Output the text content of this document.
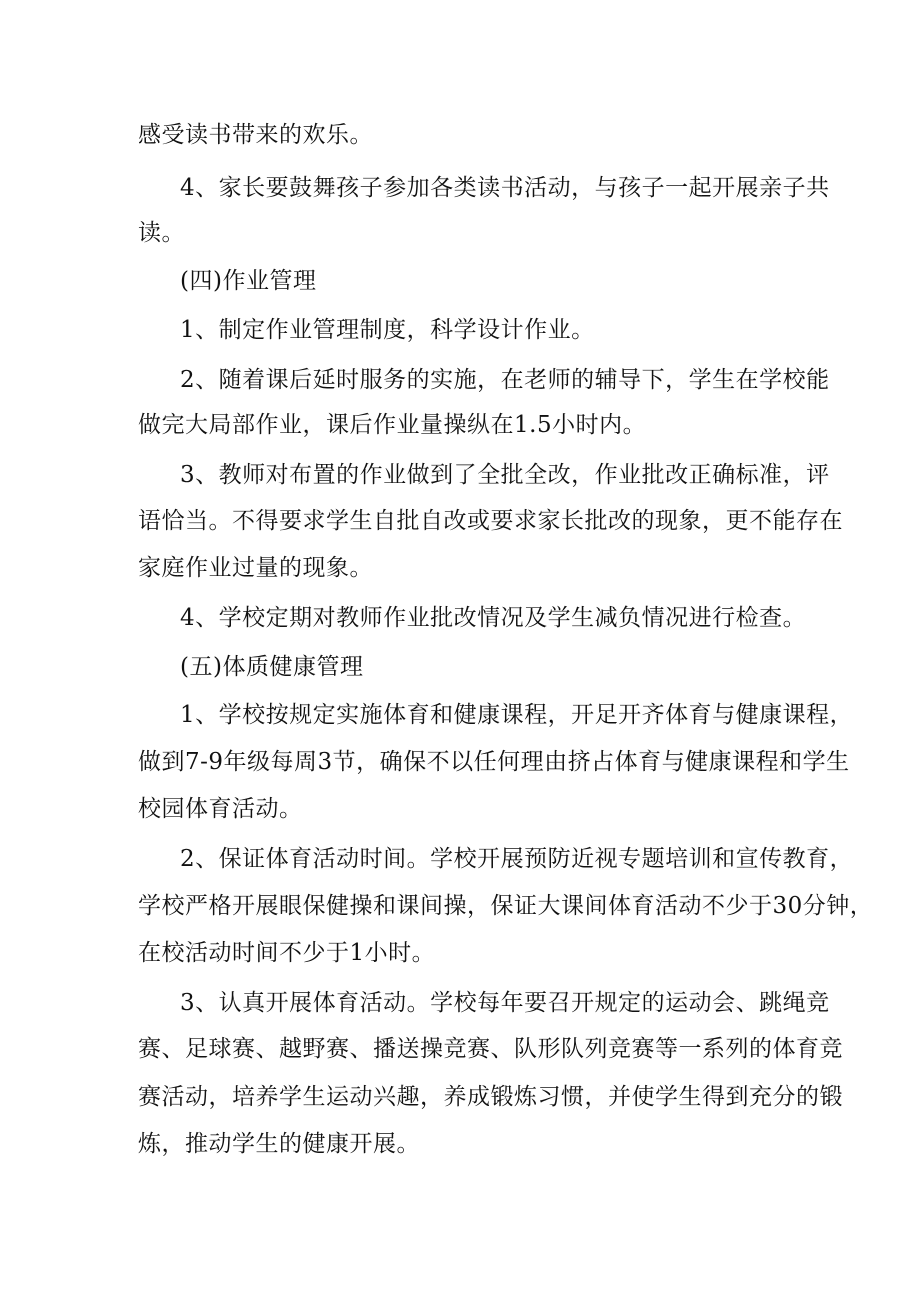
感受读书带来的欢乐。
4、家长要鼓舞孩子参加各类读书活动，与孩子一起开展亲子共
读。
(四)作业管理
1、制定作业管理制度，科学设计作业。
2、随着课后延时服务的实施，在老师的辅导下，学生在学校能
做完大局部作业，课后作业量操纵在1.5小时内。
3、教师对布置的作业做到了全批全改，作业批改正确标准，评
语恰当。不得要求学生自批自改或要求家长批改的现象，更不能存在
家庭作业过量的现象。
4、学校定期对教师作业批改情况及学生减负情况进行检查。
(五)体质健康管理
1、学校按规定实施体育和健康课程，开足开齐体育与健康课程，
做到7-9年级每周3节，确保不以任何理由挤占体育与健康课程和学生
校园体育活动。
2、保证体育活动时间。学校开展预防近视专题培训和宣传教育，
学校严格开展眼保健操和课间操，保证大课间体育活动不少于30分钟，
在校活动时间不少于1小时。
3、认真开展体育活动。学校每年要召开规定的运动会、跳绳竞
赛、足球赛、越野赛、播送操竞赛、队形队列竞赛等一系列的体育竞
赛活动，培养学生运动兴趣，养成锻炼习惯，并使学生得到充分的锻
炼，推动学生的健康开展。
